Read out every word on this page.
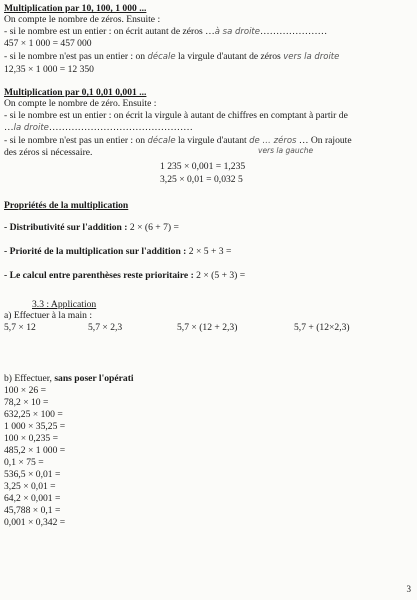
Multiplication par 10, 100, 1 000 ...
On compte le nombre de zéros. Ensuite :
- si le nombre est un entier : on écrit autant de zéros …à sa droite…………………
457 × 1 000 = 457 000
- si le nombre n'est pas un entier : on décale la virgule d'autant de zéros vers la droite
12,35 × 1 000 = 12 350
Multiplication par 0,1 0,01 0,001 ...
On compte le nombre de zéro. Ensuite :
- si le nombre est un entier : on écrit la virgule à autant de chiffres en comptant à partir de
…la droite………………………………………
- si le nombre n'est pas un entier : on décale la virgule d'autant de … zéros … On rajoute
des zéros si nécessaire.	vers la gauche
1 235 × 0,001 = 1,235
3,25 × 0,01 = 0,032 5
Propriétés de la multiplication
- Distributivité sur l'addition : 2 × (6 + 7) =
- Priorité de la multiplication sur l'addition : 2 × 5 + 3 =
- Le calcul entre parenthèses reste prioritaire : 2 × (5 + 3) =
3.3 : Application
a) Effectuer à la main :
5,7 × 12	5,7 × 2,3	5,7 × (12 + 2,3)	5,7 + (12×2,3)
b) Effectuer, sans poser l'opérati
100 × 26 =
78,2 × 10 =
632,25 × 100 =
1 000 × 35,25 =
100 × 0,235 =
485,2 × 1 000 =
0,1 × 75 =
536,5 × 0,01 =
3,25 × 0,01 =
64,2 × 0,001 =
45,788 × 0,1 =
0,001 × 0,342 =
3
